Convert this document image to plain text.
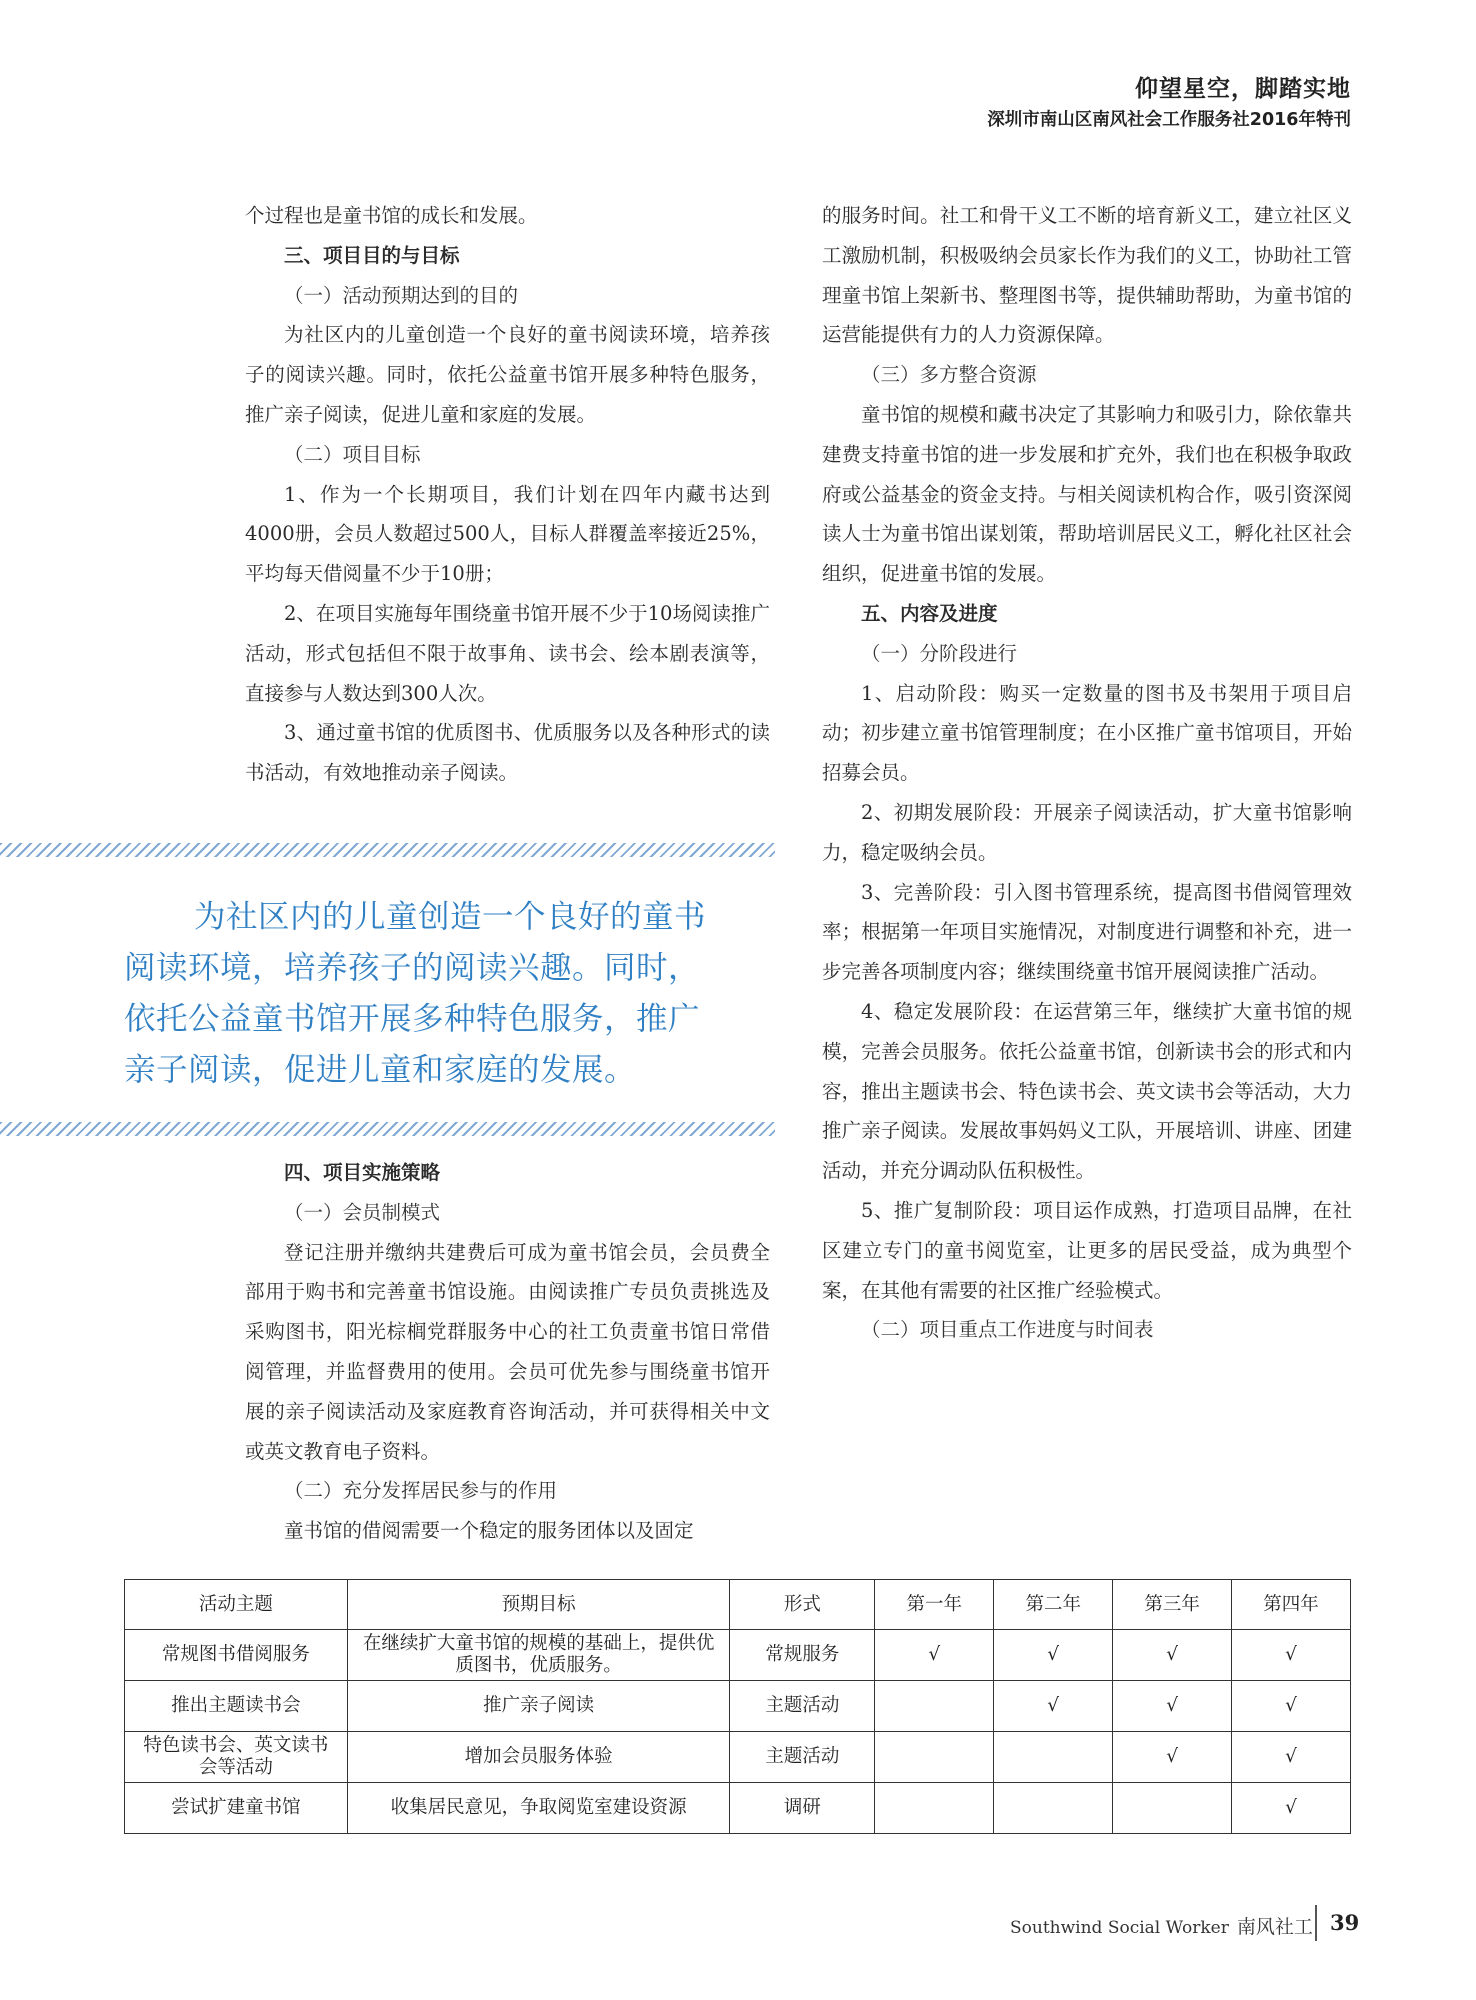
仰望星空，脚踏实地
深圳市南山区南风社会工作服务社2016年特刊

个过程也是童书馆的成长和发展。

三、项目目的与目标

（一）活动预期达到的目的

为社区内的儿童创造一个良好的童书阅读环境，培养孩子的阅读兴趣。同时，依托公益童书馆开展多种特色服务，推广亲子阅读，促进儿童和家庭的发展。

（二）项目目标

1、作为一个长期项目，我们计划在四年内藏书达到4000册，会员人数超过500人，目标人群覆盖率接近25%，平均每天借阅量不少于10册；

2、在项目实施每年围绕童书馆开展不少于10场阅读推广活动，形式包括但不限于故事角、读书会、绘本剧表演等，直接参与人数达到300人次。

3、通过童书馆的优质图书、优质服务以及各种形式的读书活动，有效地推动亲子阅读。

为社区内的儿童创造一个良好的童书
阅读环境，培养孩子的阅读兴趣。同时，
依托公益童书馆开展多种特色服务，推广
亲子阅读，促进儿童和家庭的发展。

四、项目实施策略

（一）会员制模式

登记注册并缴纳共建费后可成为童书馆会员，会员费全部用于购书和完善童书馆设施。由阅读推广专员负责挑选及采购图书，阳光棕榈党群服务中心的社工负责童书馆日常借阅管理，并监督费用的使用。会员可优先参与围绕童书馆开展的亲子阅读活动及家庭教育咨询活动，并可获得相关中文或英文教育电子资料。

（二）充分发挥居民参与的作用

童书馆的借阅需要一个稳定的服务团体以及固定

的服务时间。社工和骨干义工不断的培育新义工，建立社区义工激励机制，积极吸纳会员家长作为我们的义工，协助社工管理童书馆上架新书、整理图书等，提供辅助帮助，为童书馆的运营能提供有力的人力资源保障。

（三）多方整合资源

童书馆的规模和藏书决定了其影响力和吸引力，除依靠共建费支持童书馆的进一步发展和扩充外，我们也在积极争取政府或公益基金的资金支持。与相关阅读机构合作，吸引资深阅读人士为童书馆出谋划策，帮助培训居民义工，孵化社区社会组织，促进童书馆的发展。

五、内容及进度

（一）分阶段进行

1、启动阶段：购买一定数量的图书及书架用于项目启动；初步建立童书馆管理制度；在小区推广童书馆项目，开始招募会员。

2、初期发展阶段：开展亲子阅读活动，扩大童书馆影响力，稳定吸纳会员。

3、完善阶段：引入图书管理系统，提高图书借阅管理效率；根据第一年项目实施情况，对制度进行调整和补充，进一步完善各项制度内容；继续围绕童书馆开展阅读推广活动。

4、稳定发展阶段：在运营第三年，继续扩大童书馆的规模，完善会员服务。依托公益童书馆，创新读书会的形式和内容，推出主题读书会、特色读书会、英文读书会等活动，大力推广亲子阅读。发展故事妈妈义工队，开展培训、讲座、团建活动，并充分调动队伍积极性。

5、推广复制阶段：项目运作成熟，打造项目品牌，在社区建立专门的童书阅览室，让更多的居民受益，成为典型个案，在其他有需要的社区推广经验模式。

（二）项目重点工作进度与时间表

活动主题	预期目标	形式	第一年	第二年	第三年	第四年
常规图书借阅服务	在继续扩大童书馆的规模的基础上，提供优质图书，优质服务。	常规服务	√	√	√	√
推出主题读书会	推广亲子阅读	主题活动		√	√	√
特色读书会、英文读书会等活动	增加会员服务体验	主题活动			√	√
尝试扩建童书馆	收集居民意见，争取阅览室建设资源	调研				√
Southwind Social Worker 南风社工 39
